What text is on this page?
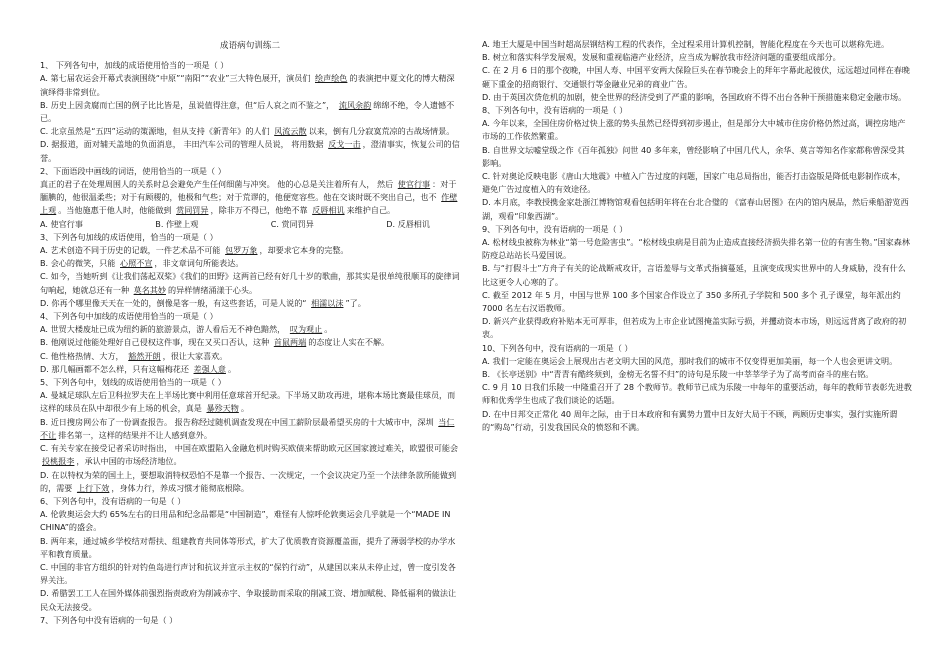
成语病句训练二

1、 下列各句中，加线的成语使用恰当的一项是（ ）

A. 第七届农运会开幕式表演围绕“中原”“南阳”“农业”三大特色展开，演员们 绘声绘色 的表演把中夏文化的博大精深演绎得非常到位。

B. 历史上因贪腐而亡国的例子比比皆是，虽说值得注意，但“后人哀之而不鉴之”， 流风余韵 绵绵不绝，令人遗憾不已。

C. 北京虽然是“五四”运动的策源地，但从支持《新青年》的人们 风流云散 以来，倒有几分寂寞荒凉的古战场情景。

D. 据报道，面对辅天盖地的负面消息， 丰田汽车公司的管理人员说， 将用数据 反戈一击 ，澄清事实，恢复公司的信誉。

2、下面语段中画线的词语，使用恰当的一项是（ ）

真正的君子在处理周围人的关系时总会避免产生任何细菌与冲突。 他的心总是关注着所有人， 然后 使官行事 ：对于腼腆的，他很温柔些；对于有顾稷的，他极和气些；对于荒谬的，他便宽容些。他在交谈时既不突出自己，也不 作壁上观 。当他施惠于他人时，他能做到 赏同罚异 ，除非万不得已，他绝不靠 反唇相讥 来维护自己。

A. 使官行事	B. 作壁上观	C. 赏同罚异	D. 反唇相讥

3、下列各句加线的成语使用，恰当的一项是（ ）

A. 艺术创造不同于历史的记载，一件艺术品不可能 包罗万象 ，却要求它本身的完整。

B. 会心的微笑，只能 心照不宣 ，非文章词句所能表达。

C. 如今，当她听到《让我们荡起双桨》《我们的田野》这两首已经有好几十岁的歌曲，那其实是很单纯很顺耳的旋律词句响起，她就总还有一种 莫名其妙 的异样情绪涌漾于心头。

D. 你再个哪里像天天在一处的，倒像是客一般，有这些套话，可是人说的“ 相濡以沫 ”了。

4、下列各句中加线的成语使用恰当的一项是（ ）

A. 世贸大楼废址已成为纽约新的旅游景点，游人看后无不神色黯然， 叹为观止 。

B. 他刚说过他能处理好自己侵权这件事，现在又买口否认，这种 首鼠两端 的态度让人实在不解。

C. 他性格热情、大方， 豁然开朗 ，很让大家喜欢。

D. 那几幅画都不怎么样，只有这幅梅花还 差强人意 。

5、下列各句中，划线的成语使用恰当的一项是（ ）

A. 曼城足球队左后卫科拉罗夫在上半场比赛中利用任意球首开纪录。下半场又助攻再进，堪称本场比赛最佳球员，而这样的球员在队中却很少有上场的机会，真是 暴殄天物 。

B. 近日搜房网公布了一份调查报告。 报告称经过随机调查发现在中国工薪阶层最希望买房的十大城市中，深圳 当仁不让 排名第一，这样的结果并不让人感到意外。

C. 有关专家在接受记者采访时指出， 中国在欧盟陷入金融危机时购买欧债来帮助欧元区国家渡过难关，欧盟很可能会 投桃报李 ，承认中国的市场经济地位。

D. 在以特权为荣的国土上，要想取消特权恐怕不是靠一个报告、一次规定，一个会议决定乃至一个法律条款所能做到的，需要 上行下效 ，身体力行，养成习惯才能彻底根除。

6、下列各句中，没有语病的一句是（ ）

A. 伦敦奥运会大约 65%左右的日用品和纪念品都是“中国制造”，难怪有人惊呼伦敦奥运会几乎就是一个“MADE IN CHINA”的盛会。

B. 两年来，通过城乡学校结对帮扶、组建教育共同体等形式，扩大了优质教育资源覆盖面，提升了薄弱学校的办学水平和教育质量。

C. 中国的非官方组织的针对钓鱼岛进行声讨和抗议并宣示主权的“保钓行动”，从建国以来从未停止过，曾一度引发各界关注。

D. 希腊罢工工人在国外媒体前强烈指责政府为削减赤字、争取援助而采取的削减工资、增加赋税、降低福利的做法让民众无法接受。

7、下列各句中没有语病的一句是（ ）

A. 地王大厦是中国当时超高层钢结构工程的代表作，全过程采用计算机控制，智能化程度在今天也可以堪称先进。

B. 树立和落实科学发展观，发展和重视临港产业经济，应当成为解放我市经济问题的重要组成部分。

C. 在 2 月 6 日的那个夜晚，中国人寿、中国平安两大保险巨头在春节晚会上的拜年字幕此起彼伏，远远超过同样在春晚砸下重金的招商银行、交通银行等金融业兄弟的商业广告。

D. 由于英国次贷危机的加剧，使全世界的经济受到了严重的影响，各国政府不得不出台各种干预措施来稳定金融市场。

8、下列各句中，没有语病的一项是（ ）

A. 今年以来，全国住房价格过快上涨的势头虽然已经得到初步遏止，但是部分大中城市住房价格仍然过高，调控房地产市场的工作依然繁重。

B. 自世界文坛嘘堂级之作《百年孤独》问世 40 多年来，曾经影响了中国几代人，余华、莫言等知名作家都称曾深受其影响。

C. 针对奥论反映电影《唐山大地震》中植入广告过度的问题，国家广电总局指出，能否打击盗版是降低电影制作成本，避免广告过度植入的有效途径。

D. 本月底，李教授携金家赴浙江博物馆观看包括明年将在台北合璧的 《富春山居图》在内的馆内展品，然后乘船游览西湖，观看“印象西湖”。

9、下列各句中，没有语病的一项是（ ）

A. 松材线虫被称为林业“第一号危险害虫”。“松材线虫病是目前为止造成直接经济损失排名第一位的有害生物。”国家森林防疫总站站长马爱国说。

B. 与“打假斗士”方舟子有关的论战断戒攻讦，言语羞辱与文革式指摘蔓延，且演变成现实世界中的人身威胁，没有什么比这更令人心寒的了。

C. 截至 2012 年 5 月，中国与世界 100 多个国家合作设立了 350 多所孔子学院和 500 多个 孔子课堂，每年派出约 7000 名左右汉语教师。

D. 新兴产业获得政府补贴本无可厚非，但若成为上市企业试图掩盖实际亏损，并攫动资本市场，则远远背离了政府的初衷。

10、下列各句中，没有语病的一项是（ ）

A. 我们一定能在奥运会上展现出古老文明大国的风范，那时我们的城市不仅变得更加美丽，每一个人也会更讲文明。

B. 《长亭送别》中“青青有酷终须到，金榜无名誓不归”的诗句是乐陵一中莘莘学子为了高考而奋斗的座右铭。

C. 9 月 10 日我们乐陵一中隆重召开了 28 个教师节。教师节已成为乐陵一中每年的重要活动，每年的教师节表彰先进教师和优秀学生也成了我们谈论的话题。

D. 在中日邦交正常化 40 周年之际，由于日本政府和有翼势力置中日友好大局于不顾，两顾历史事实，强行实施所谓的“购岛”行动，引发我国民众的愤怒和不满。
